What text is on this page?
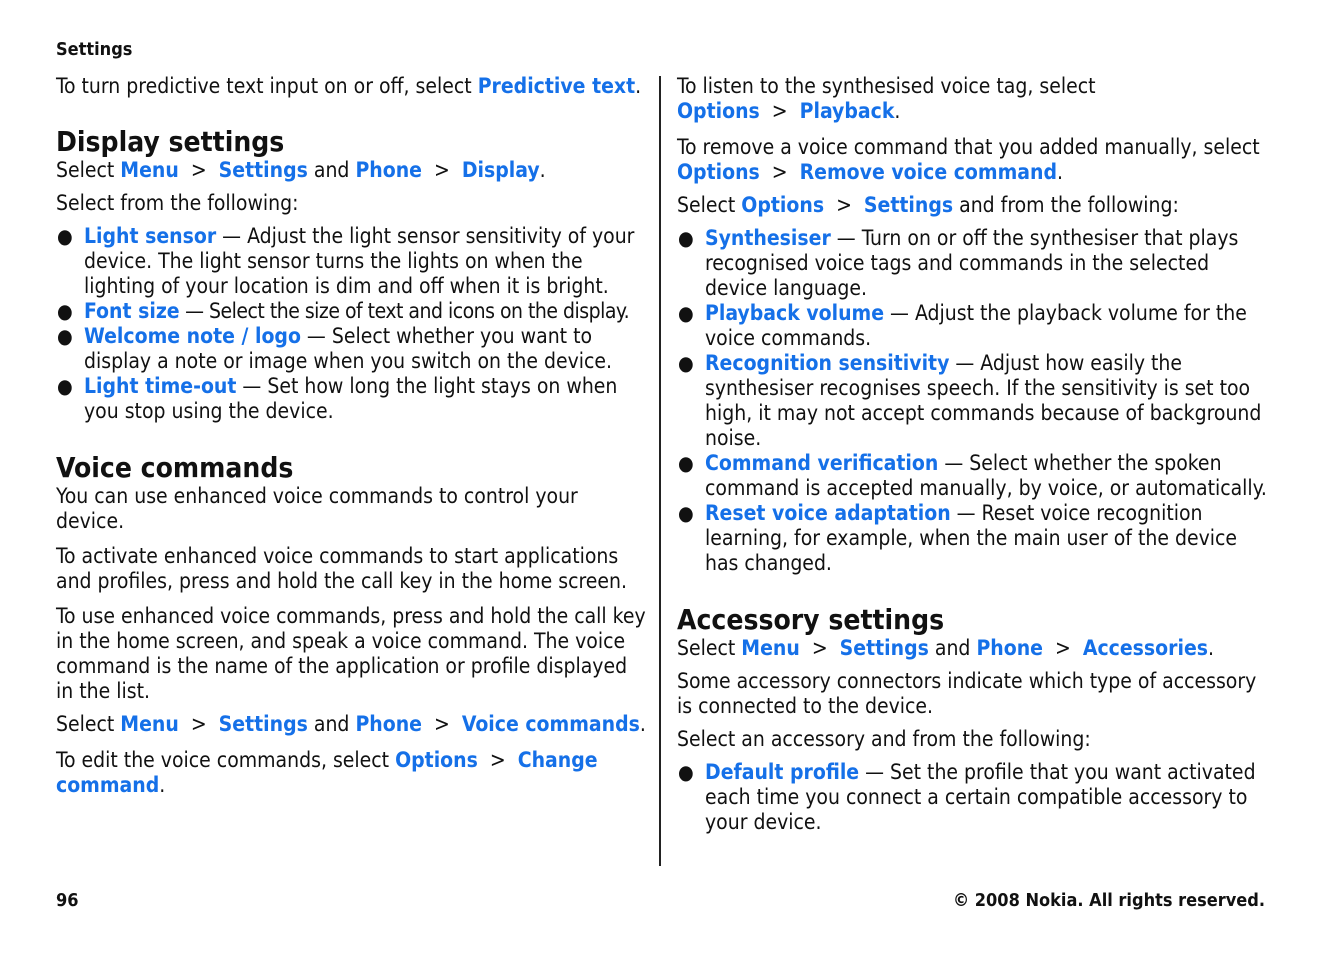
Settings

To turn predictive text input on or off, select Predictive text.

Display settings

Select Menu > Settings and Phone > Display.

Select from the following:

● Light sensor — Adjust the light sensor sensitivity of your device. The light sensor turns the lights on when the lighting of your location is dim and off when it is bright.
● Font size — Select the size of text and icons on the display.
● Welcome note / logo — Select whether you want to display a note or image when you switch on the device.
● Light time-out — Set how long the light stays on when you stop using the device.
Voice commands

You can use enhanced voice commands to control your device.

To activate enhanced voice commands to start applications and profiles, press and hold the call key in the home screen.

To use enhanced voice commands, press and hold the call key in the home screen, and speak a voice command. The voice command is the name of the application or profile displayed in the list.

Select Menu > Settings and Phone > Voice commands.

To edit the voice commands, select Options > Change command.

To listen to the synthesised voice tag, select Options > Playback.

To remove a voice command that you added manually, select Options > Remove voice command.

Select Options > Settings and from the following:

● Synthesiser — Turn on or off the synthesiser that plays recognised voice tags and commands in the selected device language.
● Playback volume — Adjust the playback volume for the voice commands.
● Recognition sensitivity — Adjust how easily the synthesiser recognises speech. If the sensitivity is set too high, it may not accept commands because of background noise.
● Command verification — Select whether the spoken command is accepted manually, by voice, or automatically.
● Reset voice adaptation — Reset voice recognition learning, for example, when the main user of the device has changed.
Accessory settings

Select Menu > Settings and Phone > Accessories.

Some accessory connectors indicate which type of accessory is connected to the device.

Select an accessory and from the following:

● Default profile — Set the profile that you want activated each time you connect a certain compatible accessory to your device.
96	© 2008 Nokia. All rights reserved.
